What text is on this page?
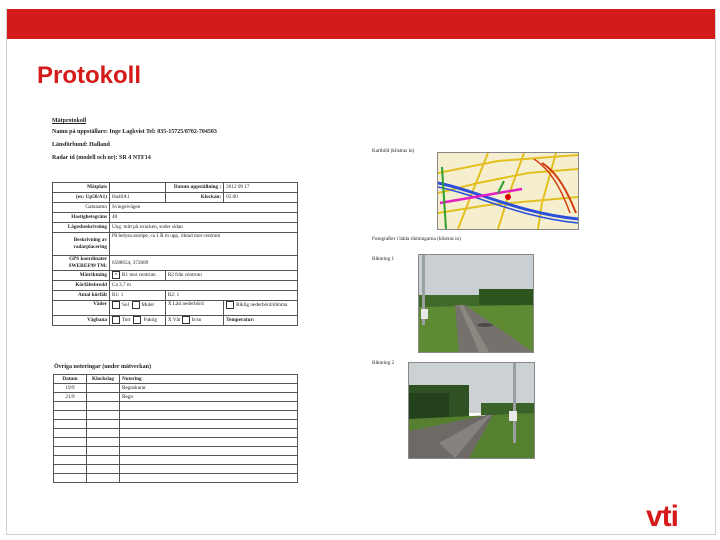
Protokoll
Mätprotokoll
Namn på uppställare: Inge Lagkvist Tel: 035-15725/0702-704503
Länsförbund: Halland
Radar id (modell och nr): SR 4 NTF14
Mätplats		Datum uppställning :	2012 09 17
(ex: Up50/A1)	Ha40A1	Klockan:	05.00
Gatunamn	Svingelvägen		
Hastighetsgräns	40		
Lägesbeskrivning	Ung. mitt på stracken, soder sidan		
Beskrivning av radarplacering	På belysn.sstolpe, ca 1 R m upp, riktad mot centrum		
GPS koordinater SWEREF99 TM:	6588654, 372689		
Mätriktning	× R1 mot centrum	R2 från centrum	
Körfältsbredd	Ca 3,7 m		
Antal körfält	R1: 1	R2: 1	
Väder	Sol Mulet	X Lätt nederbörd	Riklig nederbörd/dimma
Vägbana	Torr Fuktig	X Våt Is/sn	Temperatur:
Övriga noteringar (under mätveckan)
Datum	Klockslag	Notering
19/9		Regnskurar
21/9		Regn

Kartbild (klistras in)
Fotografier i båda riktningarna (klistras in)
Riktning 1
Riktning 2
vti
